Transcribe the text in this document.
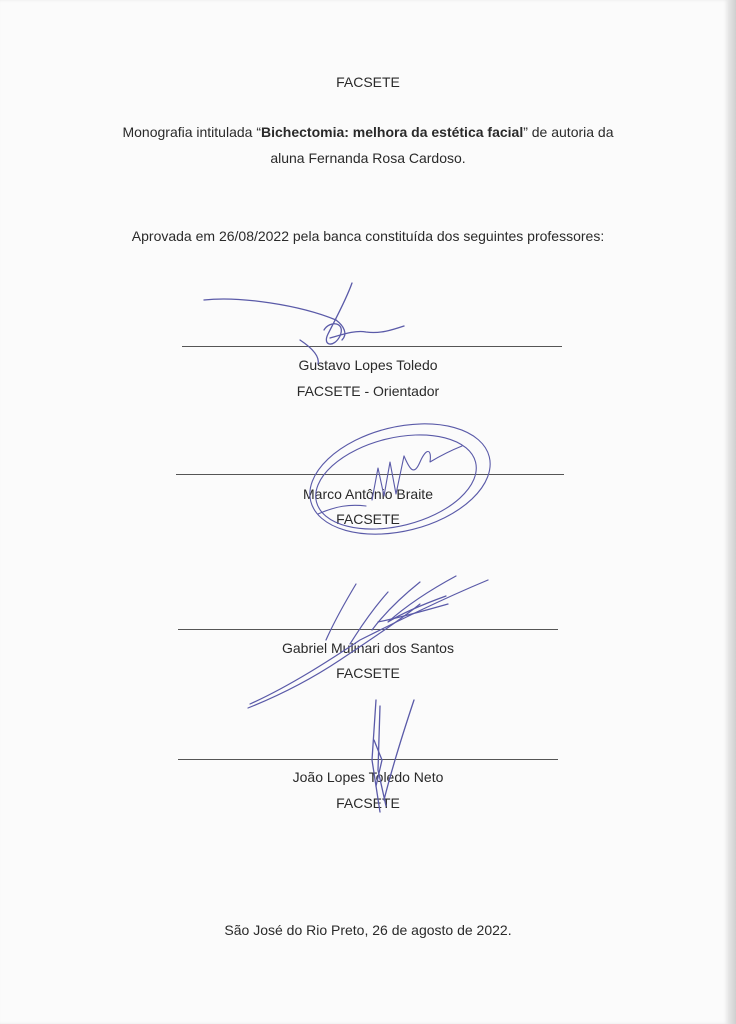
FACSETE
Monografia intitulada “Bichectomia: melhora da estética facial” de autoria da
aluna Fernanda Rosa Cardoso.
Aprovada em 26/08/2022 pela banca constituída dos seguintes professores:
Gustavo Lopes Toledo
FACSETE - Orientador
Marco Antônio Braite
FACSETE
Gabriel Mulinari dos Santos
FACSETE
João Lopes Toledo Neto
FACSETE
São José do Rio Preto, 26 de agosto de 2022.
